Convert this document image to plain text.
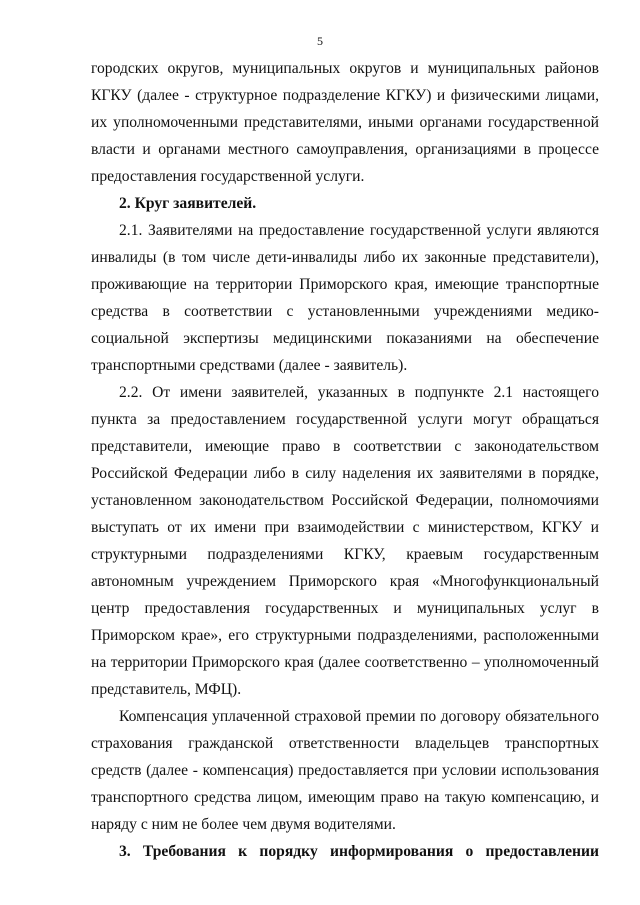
5

городских округов, муниципальных округов и муниципальных районов КГКУ (далее - структурное подразделение КГКУ) и физическими лицами, их уполномоченными представителями, иными органами государственной власти и органами местного самоуправления, организациями в процессе предоставления государственной услуги.

2. Круг заявителей.

2.1. Заявителями на предоставление государственной услуги являются инвалиды (в том числе дети-инвалиды либо их законные представители), проживающие на территории Приморского края, имеющие транспортные средства в соответствии с установленными учреждениями медико-социальной экспертизы медицинскими показаниями на обеспечение транспортными средствами (далее - заявитель).

2.2. От имени заявителей, указанных в подпункте 2.1 настоящего пункта за предоставлением государственной услуги могут обращаться представители, имеющие право в соответствии с законодательством Российской Федерации либо в силу наделения их заявителями в порядке, установленном законодательством Российской Федерации, полномочиями выступать от их имени при взаимодействии с министерством, КГКУ и структурными подразделениями КГКУ, краевым государственным автономным учреждением Приморского края «Многофункциональный центр предоставления государственных и муниципальных услуг в Приморском крае», его структурными подразделениями, расположенными на территории Приморского края (далее соответственно – уполномоченный представитель, МФЦ).

Компенсация уплаченной страховой премии по договору обязательного страхования гражданской ответственности владельцев транспортных средств (далее - компенсация) предоставляется при условии использования транспортного средства лицом, имеющим право на такую компенсацию, и наряду с ним не более чем двумя водителями.

3. Требования к порядку информирования о предоставлении
